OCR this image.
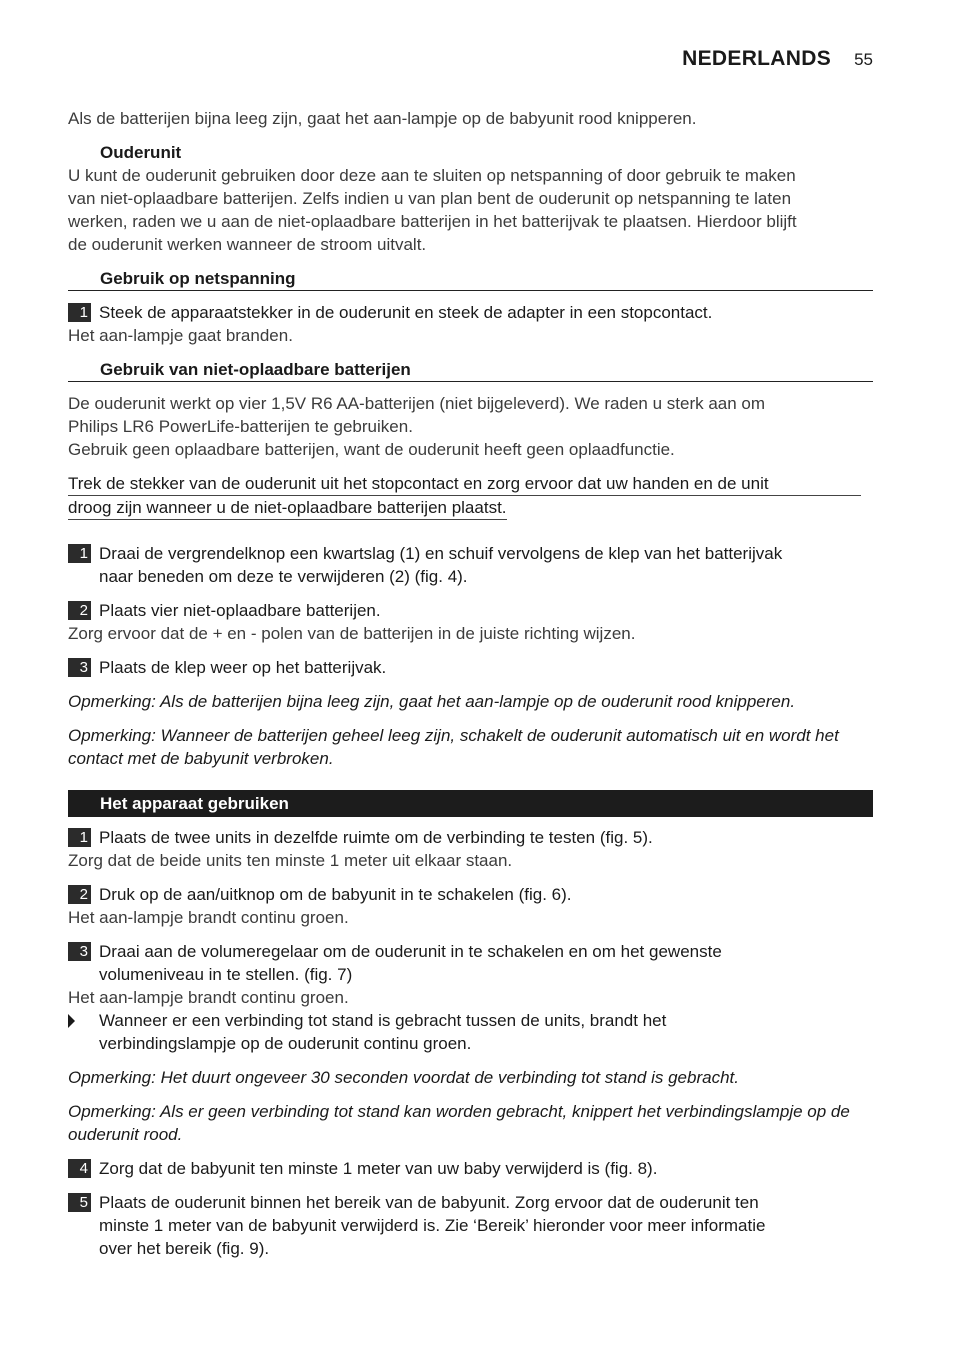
NEDERLANDS 55

Als de batterijen bijna leeg zijn, gaat het aan-lampje op de babyunit rood knipperen.

Ouderunit

U kunt de ouderunit gebruiken door deze aan te sluiten op netspanning of door gebruik te maken

van niet-oplaadbare batterijen. Zelfs indien u van plan bent de ouderunit op netspanning te laten

werken, raden we u aan de niet-oplaadbare batterijen in het batterijvak te plaatsen. Hierdoor blijft

de ouderunit werken wanneer de stroom uitvalt.

Gebruik op netspanning

1 Steek de apparaatstekker in de ouderunit en steek de adapter in een stopcontact.

Het aan-lampje gaat branden.

Gebruik van niet-oplaadbare batterijen

De ouderunit werkt op vier 1,5V R6 AA-batterijen (niet bijgeleverd). We raden u sterk aan om

Philips LR6 PowerLife-batterijen te gebruiken.

Gebruik geen oplaadbare batterijen, want de ouderunit heeft geen oplaadfunctie.

Trek de stekker van de ouderunit uit het stopcontact en zorg ervoor dat uw handen en de unit

droog zijn wanneer u de niet-oplaadbare batterijen plaatst.

1 Draai de vergrendelknop een kwartslag (1) en schuif vervolgens de klep van het batterijvak

naar beneden om deze te verwijderen (2) (fig. 4).

2 Plaats vier niet-oplaadbare batterijen.

Zorg ervoor dat de + en - polen van de batterijen in de juiste richting wijzen.

3 Plaats de klep weer op het batterijvak.

Opmerking: Als de batterijen bijna leeg zijn, gaat het aan-lampje op de ouderunit rood knipperen.

Opmerking: Wanneer de batterijen geheel leeg zijn, schakelt de ouderunit automatisch uit en wordt het

contact met de babyunit verbroken.

Het apparaat gebruiken
1 Plaats de twee units in dezelfde ruimte om de verbinding te testen (fig. 5).

Zorg dat de beide units ten minste 1 meter uit elkaar staan.

2 Druk op de aan/uitknop om de babyunit in te schakelen (fig. 6).

Het aan-lampje brandt continu groen.

3 Draai aan de volumeregelaar om de ouderunit in te schakelen en om het gewenste

volumeniveau in te stellen. (fig. 7)

Het aan-lampje brandt continu groen.

Wanneer er een verbinding tot stand is gebracht tussen de units, brandt het

verbindingslampje op de ouderunit continu groen.

Opmerking: Het duurt ongeveer 30 seconden voordat de verbinding tot stand is gebracht.

Opmerking: Als er geen verbinding tot stand kan worden gebracht, knippert het verbindingslampje op de

ouderunit rood.

4 Zorg dat de babyunit ten minste 1 meter van uw baby verwijderd is (fig. 8).

5 Plaats de ouderunit binnen het bereik van de babyunit. Zorg ervoor dat de ouderunit ten

minste 1 meter van de babyunit verwijderd is. Zie ‘Bereik’ hieronder voor meer informatie

over het bereik (fig. 9).
